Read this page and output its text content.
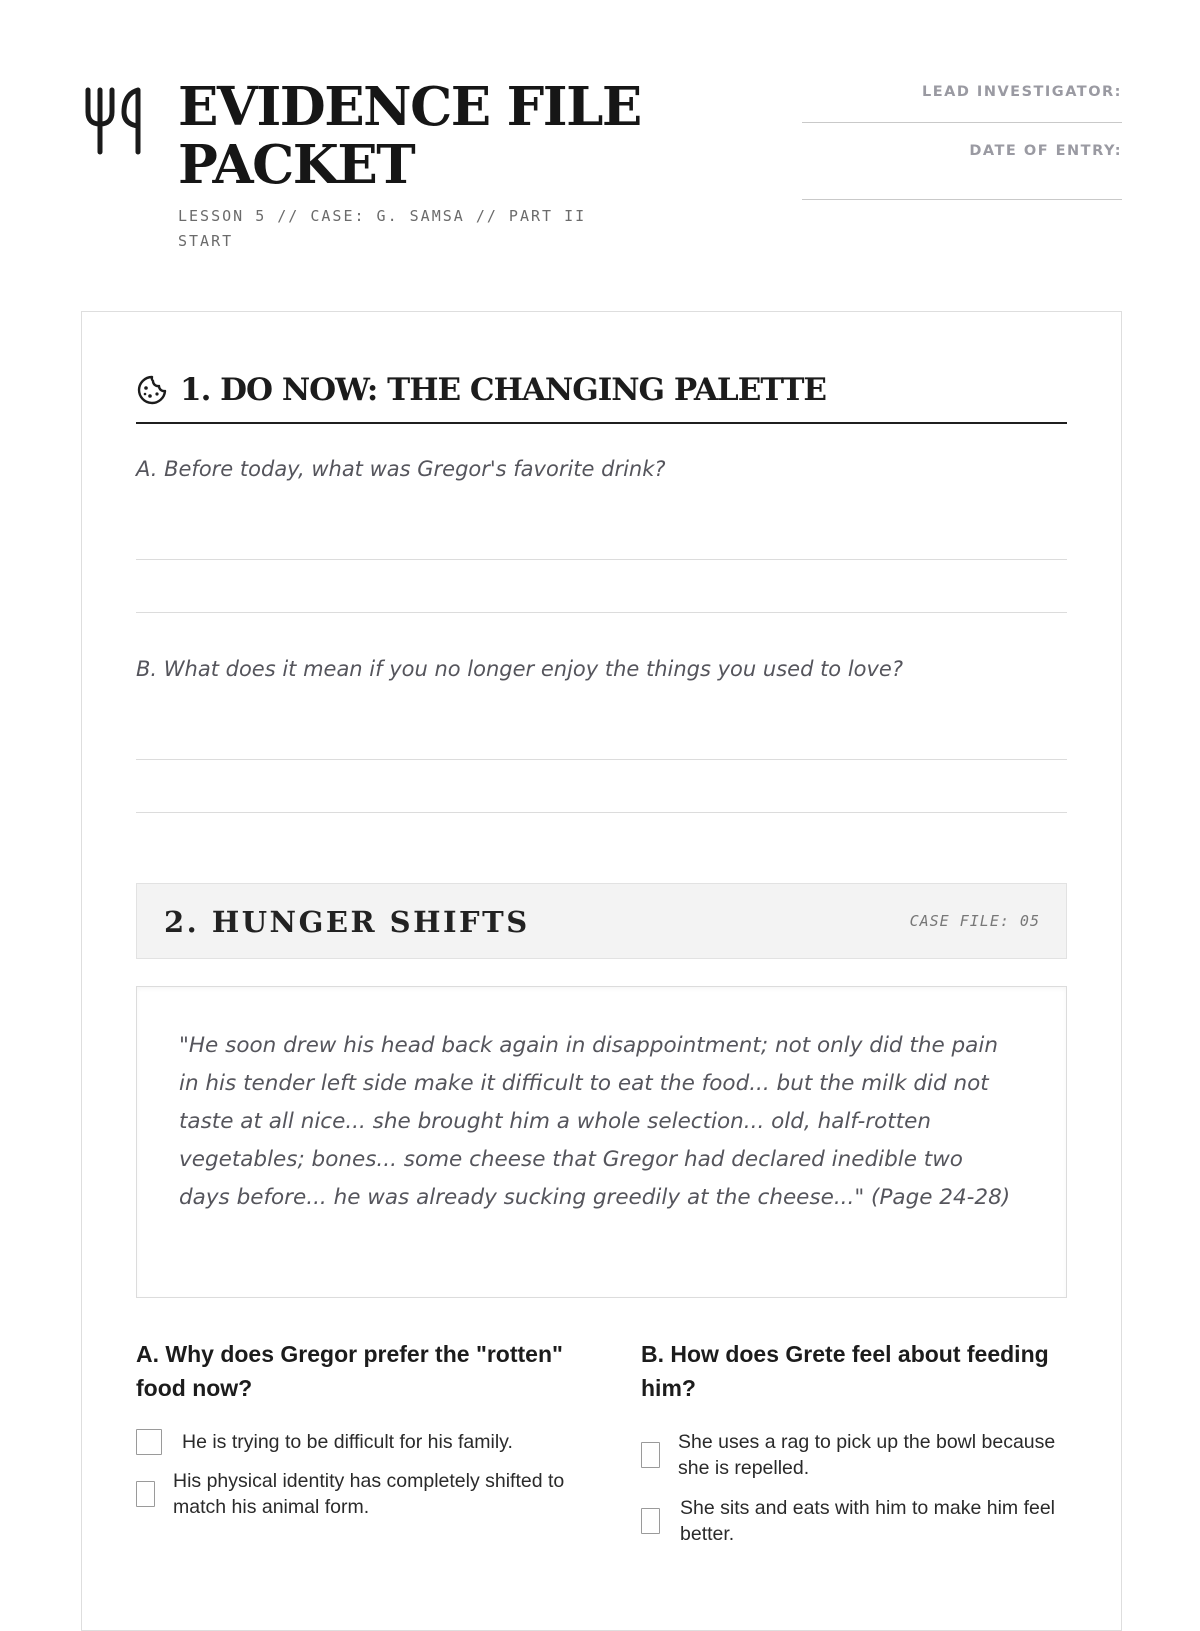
EVIDENCE FILE
PACKET
LESSON 5 // CASE: G. SAMSA // PART II
START
LEAD INVESTIGATOR:
DATE OF ENTRY:
1. DO NOW: THE CHANGING PALETTE

A. Before today, what was Gregor's favorite drink?

B. What does it mean if you no longer enjoy the things you used to love?

2. HUNGER SHIFTS	CASE FILE: 05

"He soon drew his head back again in disappointment; not only did the pain in his tender left side make it difficult to eat the food... but the milk did not taste at all nice... she brought him a whole selection... old, half-rotten vegetables; bones... some cheese that Gregor had declared inedible two days before... he was already sucking greedily at the cheese..." (Page 24-28)

A. Why does Gregor prefer the "rotten" food now?
B. How does Grete feel about feeding him?
He is trying to be difficult for his family.
His physical identity has completely shifted to match his animal form.
She uses a rag to pick up the bowl because she is repelled.
She sits and eats with him to make him feel better.
